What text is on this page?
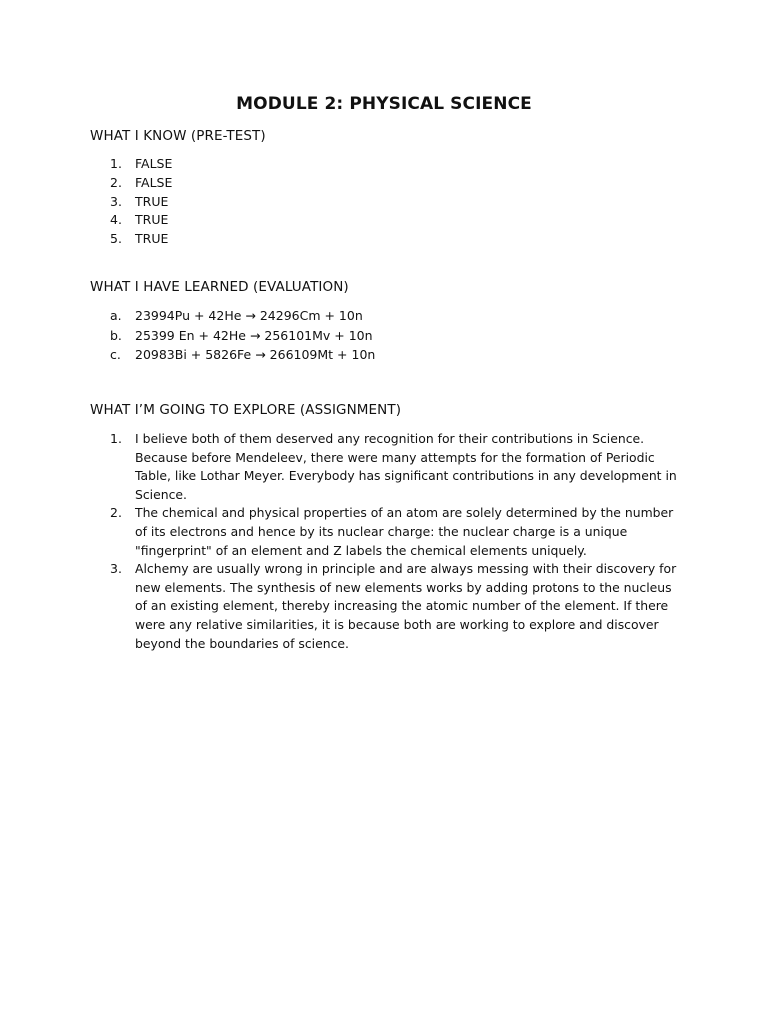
MODULE 2: PHYSICAL SCIENCE
WHAT I KNOW (PRE-TEST)
1. FALSE
2. FALSE
3. TRUE
4. TRUE
5. TRUE
WHAT I HAVE LEARNED (EVALUATION)
a. 23994Pu + 42He → 24296Cm + 10n
b. 25399 En + 42He → 256101Mv + 10n
c. 20983Bi + 5826Fe → 266109Mt + 10n
WHAT I’M GOING TO EXPLORE (ASSIGNMENT)
1. I believe both of them deserved any recognition for their contributions in Science. Because before Mendeleev, there were many attempts for the formation of Periodic Table, like Lothar Meyer. Everybody has significant contributions in any development in Science.
2. The chemical and physical properties of an atom are solely determined by the number of its electrons and hence by its nuclear charge: the nuclear charge is a unique "fingerprint" of an element and Z labels the chemical elements uniquely.
3. Alchemy are usually wrong in principle and are always messing with their discovery for new elements. The synthesis of new elements works by adding protons to the nucleus of an existing element, thereby increasing the atomic number of the element. If there were any relative similarities, it is because both are working to explore and discover beyond the boundaries of science.
